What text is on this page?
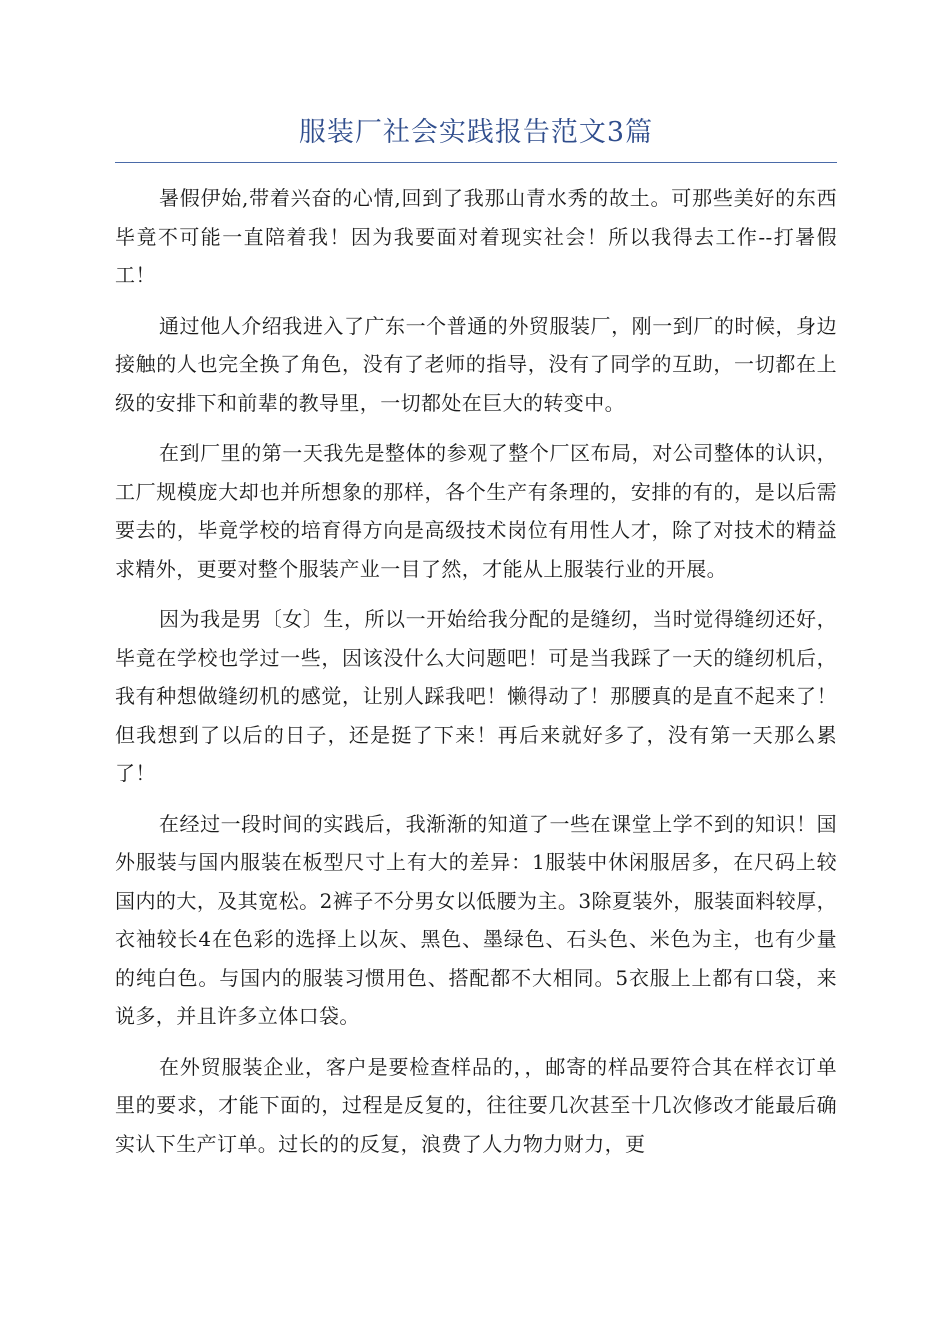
服装厂社会实践报告范文3篇

暑假伊始,带着兴奋的心情,回到了我那山青水秀的故土。可那些美好的东西毕竟不可能一直陪着我！因为我要面对着现实社会！所以我得去工作--打暑假工！

通过他人介绍我进入了广东一个普通的外贸服装厂，刚一到厂的时候，身边接触的人也完全换了角色，没有了老师的指导，没有了同学的互助，一切都在上级的安排下和前辈的教导里，一切都处在巨大的转变中。

在到厂里的第一天我先是整体的参观了整个厂区布局，对公司整体的认识，工厂规模庞大却也并所想象的那样，各个生产有条理的，安排的有的，是以后需要去的，毕竟学校的培育得方向是高级技术岗位有用性人才，除了对技术的精益求精外，更要对整个服装产业一目了然，才能从上服装行业的开展。

因为我是男〔女〕生，所以一开始给我分配的是缝纫，当时觉得缝纫还好，毕竟在学校也学过一些，因该没什么大问题吧！可是当我踩了一天的缝纫机后，我有种想做缝纫机的感觉，让别人踩我吧！懒得动了！那腰真的是直不起来了！但我想到了以后的日子，还是挺了下来！再后来就好多了，没有第一天那么累了！

在经过一段时间的实践后，我渐渐的知道了一些在课堂上学不到的知识！国外服装与国内服装在板型尺寸上有大的差异：1服装中休闲服居多，在尺码上较国内的大，及其宽松。2裤子不分男女以低腰为主。3除夏装外，服装面料较厚，衣袖较长4在色彩的选择上以灰、黑色、墨绿色、石头色、米色为主，也有少量的纯白色。与国内的服装习惯用色、搭配都不大相同。5衣服上上都有口袋，来说多，并且许多立体口袋。

在外贸服装企业，客户是要检查样品的，，邮寄的样品要符合其在样衣订单里的要求，才能下面的，过程是反复的，往往要几次甚至十几次修改才能最后确实认下生产订单。过长的的反复，浪费了人力物力财力，更
